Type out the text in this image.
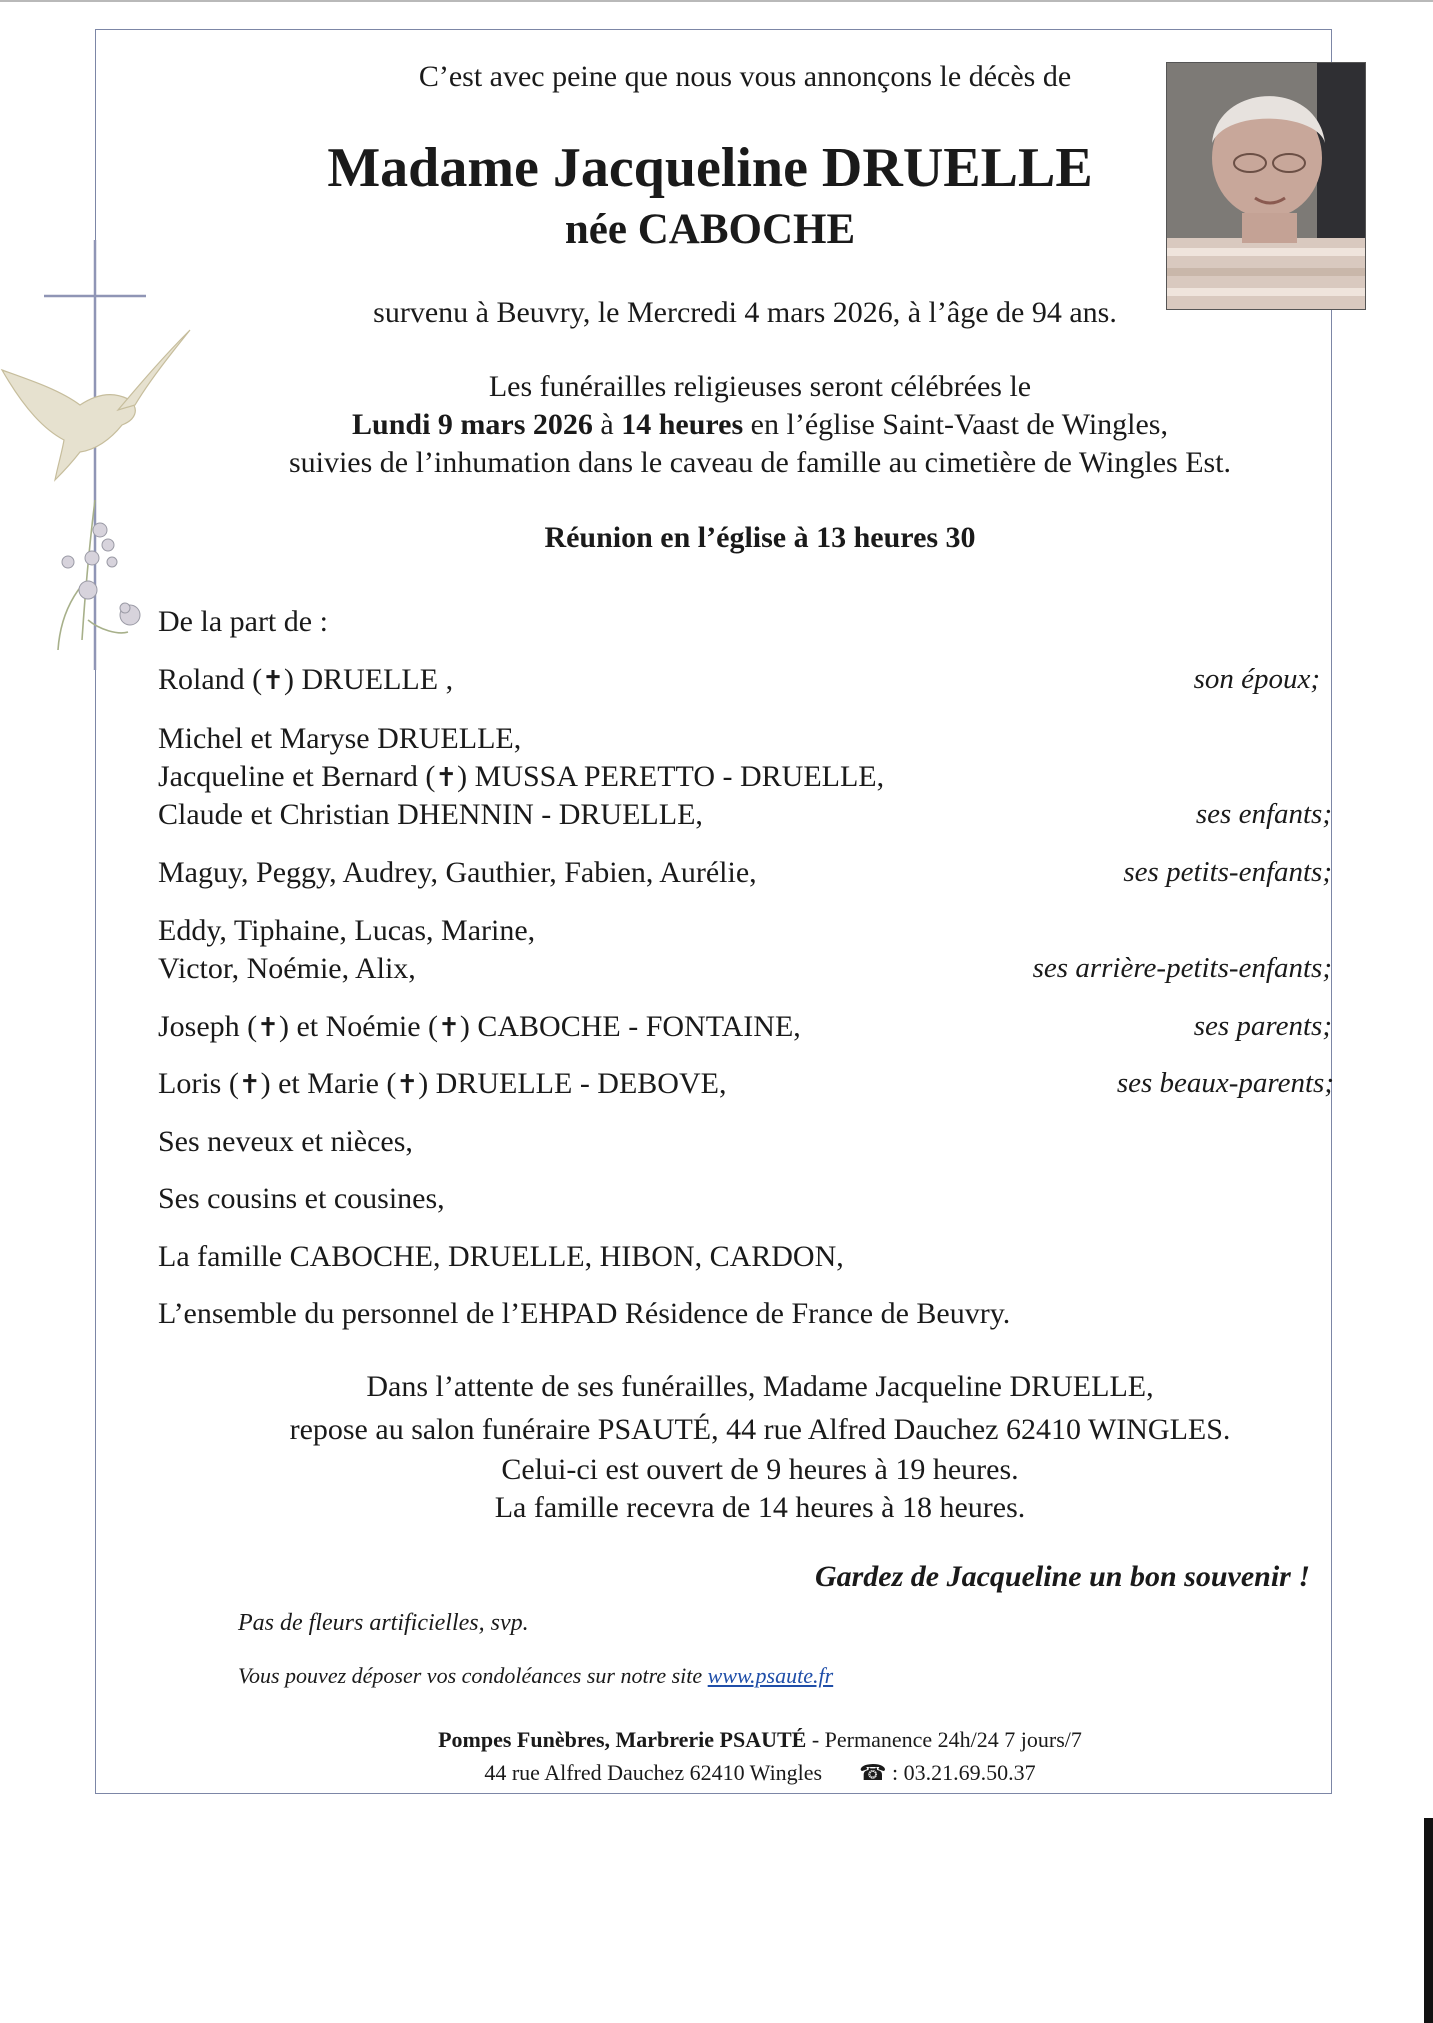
C’est avec peine que nous vous annonçons le décès de
Madame Jacqueline DRUELLE
née CABOCHE
survenu à Beuvry, le Mercredi 4 mars 2026, à l’âge de 94 ans.
Les funérailles religieuses seront célébrées le
Lundi 9 mars 2026 à 14 heures en l’église Saint-Vaast de Wingles,
suivies de l’inhumation dans le caveau de famille au cimetière de Wingles Est.
Réunion en l’église à 13 heures 30
De la part de :
Roland (✝) DRUELLE ,	son époux;
Michel et Maryse DRUELLE,
Jacqueline et Bernard (✝) MUSSA PERETTO - DRUELLE,
Claude et Christian DHENNIN - DRUELLE,	ses enfants;
Maguy, Peggy, Audrey, Gauthier, Fabien, Aurélie,	ses petits-enfants;
Eddy, Tiphaine, Lucas, Marine,
Victor, Noémie, Alix,	ses arrière-petits-enfants;
Joseph (✝) et Noémie (✝) CABOCHE - FONTAINE,	ses parents;
Loris (✝) et Marie (✝) DRUELLE - DEBOVE,	ses beaux-parents;
Ses neveux et nièces,
Ses cousins et cousines,
La famille CABOCHE, DRUELLE, HIBON, CARDON,
L’ensemble du personnel de l’EHPAD Résidence de France de Beuvry.
Dans l’attente de ses funérailles, Madame Jacqueline DRUELLE,
repose au salon funéraire PSAUTÉ, 44 rue Alfred Dauchez 62410 WINGLES.
Celui-ci est ouvert de 9 heures à 19 heures.
La famille recevra de 14 heures à 18 heures.
Gardez de Jacqueline un bon souvenir !
Pas de fleurs artificielles, svp.
Vous pouvez déposer vos condoléances sur notre site www.psaute.fr
Pompes Funèbres, Marbrerie PSAUTÉ - Permanence 24h/24 7 jours/7
44 rue Alfred Dauchez 62410 Wingles ☎ : 03.21.69.50.37
